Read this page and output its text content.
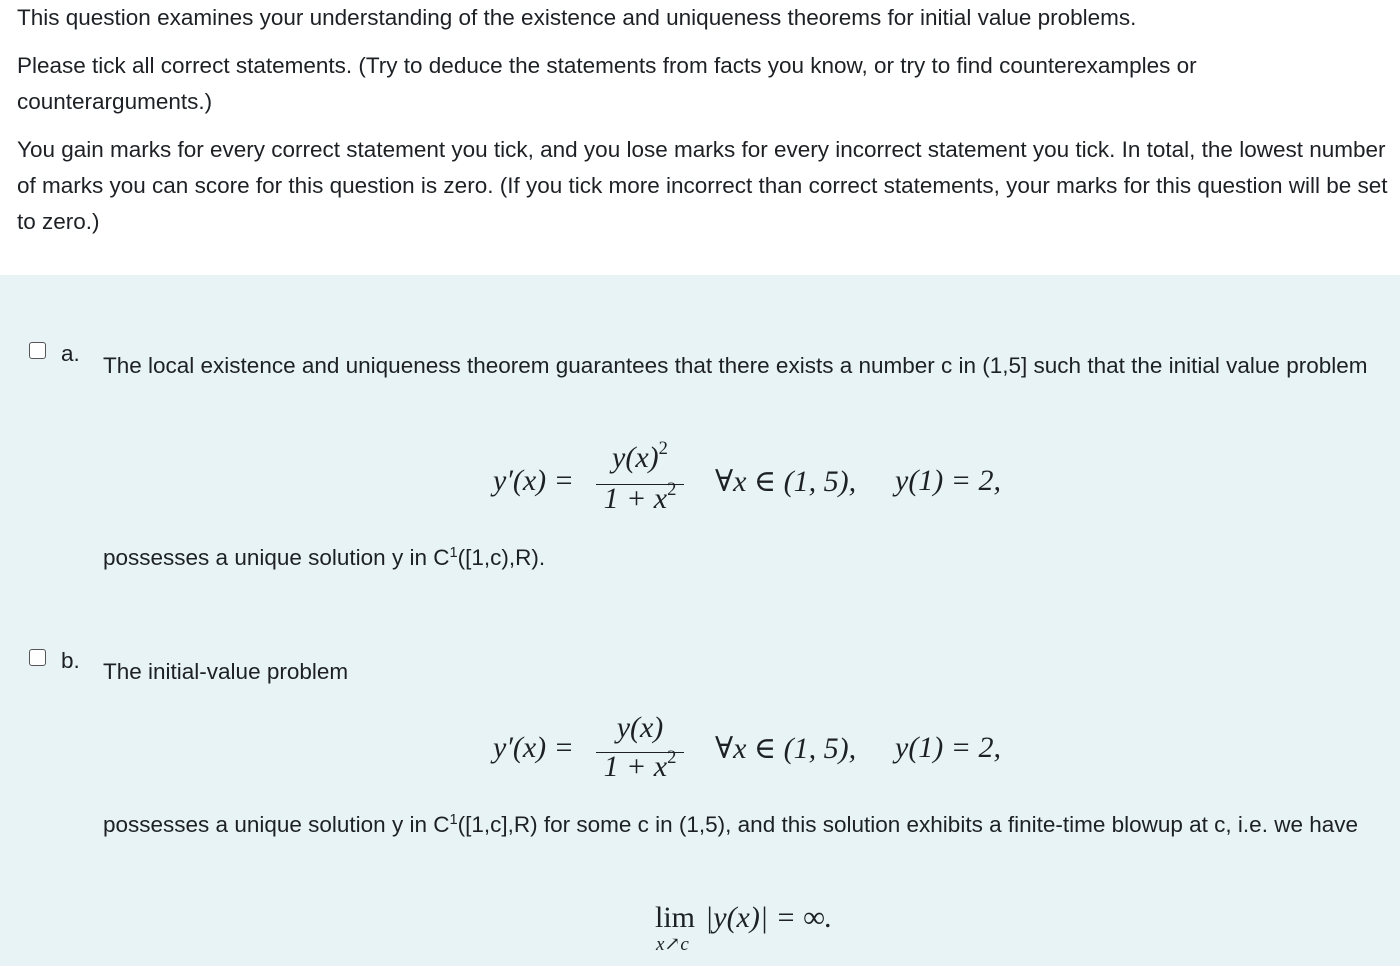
This question examines your understanding of the existence and uniqueness theorems for initial value problems.

Please tick all correct statements. (Try to deduce the statements from facts you know, or try to find counterexamples or counterarguments.)

You gain marks for every correct statement you tick, and you lose marks for every incorrect statement you tick. In total, the lowest number of marks you can score for this question is zero. (If you tick more incorrect than correct statements, your marks for this question will be set to zero.)

a. The local existence and uniqueness theorem guarantees that there exists a number c in (1,5] such that the initial value problem

y′(x) =
$y(x)^2$
$1 + x^2$ ∀x ∈ (1, 5), y(1) = 2,

possesses a unique solution y in $C^1([1,c),R)$.

b. The initial-value problem

y′(x) =
y(x)
$1 + x^2$ ∀x ∈ (1, 5), y(1) = 2,

possesses a unique solution y in $C^1([1,c],R)$ for some c in (1,5), and this solution exhibits a finite-time blowup at c, i.e. we have

lim
x↗c
|y(x)| = ∞.
